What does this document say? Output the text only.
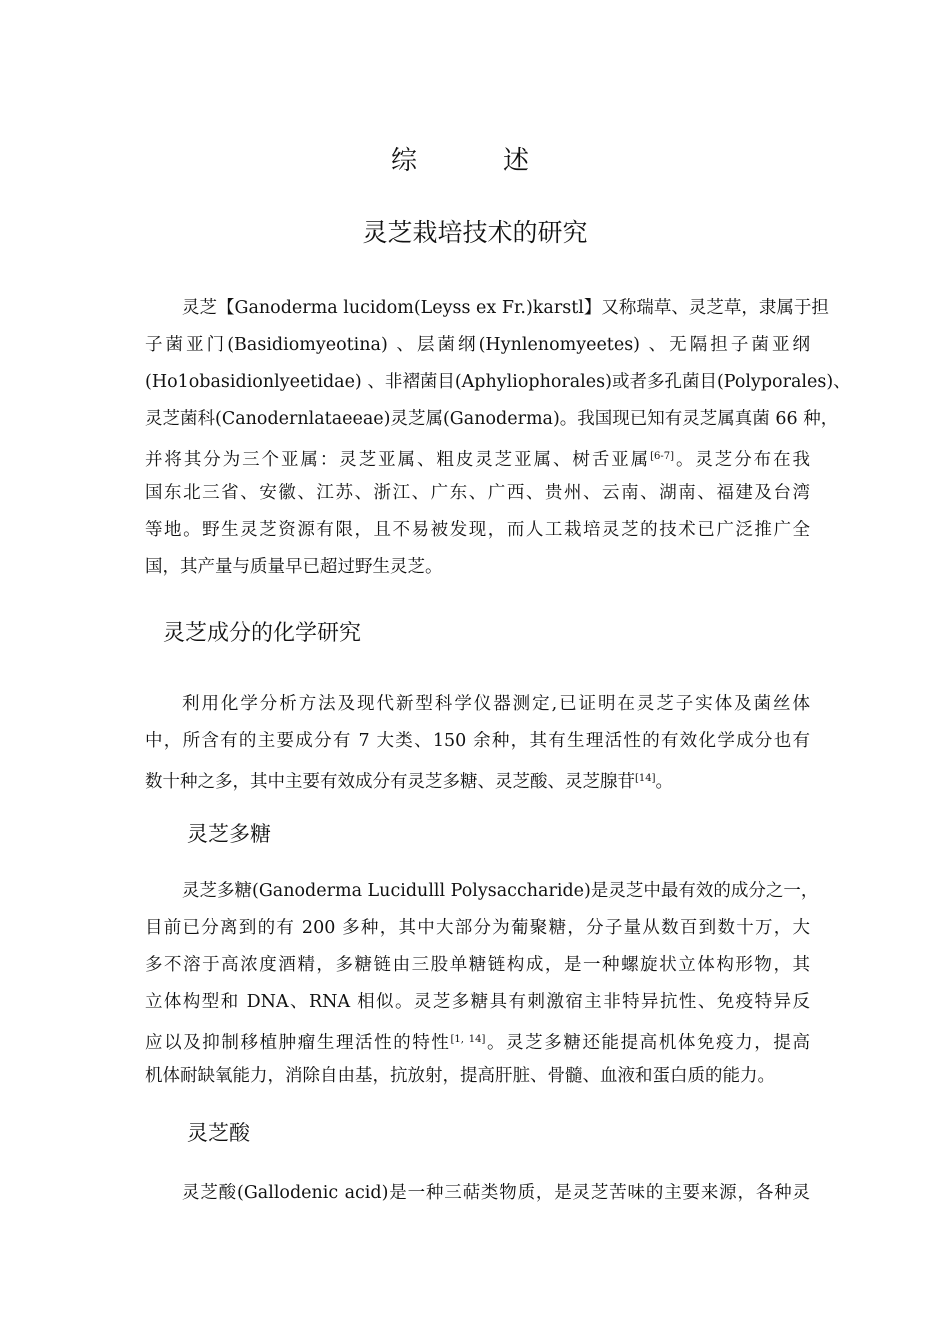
综　述
灵芝栽培技术的研究
灵芝【Ganoderma lucidom(Leyss ex Fr.)karstl】又称瑞草、灵芝草，隶属于担
子菌亚门(Basidiomyeotina) 、层菌纲(Hynlenomyeetes) 、无隔担子菌亚纲
(Ho1obasidionlyeetidae) 、非褶菌目(Aphyliophorales)或者多孔菌目(Polyporales)、
灵芝菌科(Canodernlataeeae)灵芝属(Ganoderma)。我国现已知有灵芝属真菌 66 种，
并将其分为三个亚属：灵芝亚属、粗皮灵芝亚属、树舌亚属[6-7]。灵芝分布在我
国东北三省、安徽、江苏、浙江、广东、广西、贵州、云南、湖南、福建及台湾
等地。野生灵芝资源有限，且不易被发现，而人工栽培灵芝的技术已广泛推广全
国，其产量与质量早已超过野生灵芝。
灵芝成分的化学研究
利用化学分析方法及现代新型科学仪器测定,已证明在灵芝子实体及菌丝体
中，所含有的主要成分有 7 大类、150 余种，其有生理活性的有效化学成分也有
数十种之多，其中主要有效成分有灵芝多糖、灵芝酸、灵芝腺苷[14]。
灵芝多糖
灵芝多糖(Ganoderma Lucidulll Polysaccharide)是灵芝中最有效的成分之一，
目前已分离到的有 200 多种，其中大部分为葡聚糖，分子量从数百到数十万，大
多不溶于高浓度酒精，多糖链由三股单糖链构成，是一种螺旋状立体构形物，其
立体构型和 DNA、RNA 相似。灵芝多糖具有刺激宿主非特异抗性、免疫特异反
应以及抑制移植肿瘤生理活性的特性[1, 14]。灵芝多糖还能提高机体免疫力，提高
机体耐缺氧能力，消除自由基，抗放射，提高肝脏、骨髓、血液和蛋白质的能力。
灵芝酸
灵芝酸(Gallodenic acid)是一种三萜类物质，是灵芝苦味的主要来源，各种灵
